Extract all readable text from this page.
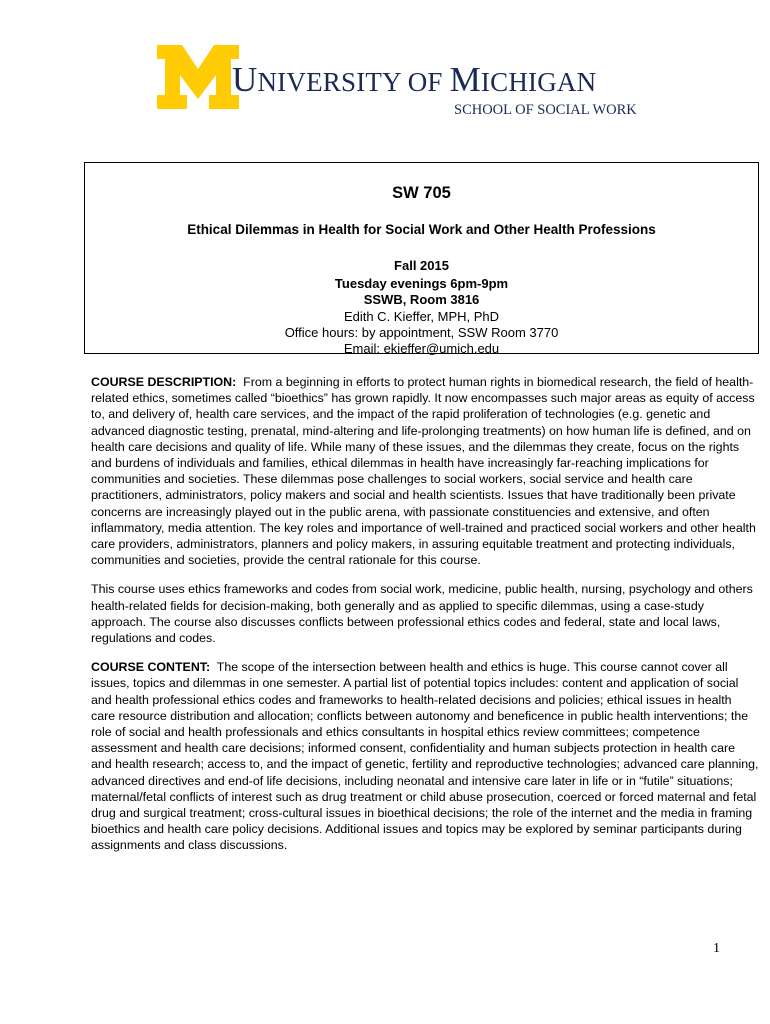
UNIVERSITY OF MICHIGAN
SCHOOL OF SOCIAL WORK
SW 705
Ethical Dilemmas in Health for Social Work and Other Health Professions
Fall 2015
Tuesday evenings 6pm-9pm
SSWB, Room 3816
Edith C. Kieffer, MPH, PhD
Office hours: by appointment, SSW Room 3770
Email: ekieffer@umich.edu

COURSE DESCRIPTION: From a beginning in efforts to protect human rights in biomedical research, the field of health-related ethics, sometimes called “bioethics” has grown rapidly. It now encompasses such major areas as equity of access to, and delivery of, health care services, and the impact of the rapid proliferation of technologies (e.g. genetic and advanced diagnostic testing, prenatal, mind-altering and life-prolonging treatments) on how human life is defined, and on health care decisions and quality of life. While many of these issues, and the dilemmas they create, focus on the rights and burdens of individuals and families, ethical dilemmas in health have increasingly far-reaching implications for communities and societies. These dilemmas pose challenges to social workers, social service and health care practitioners, administrators, policy makers and social and health scientists. Issues that have traditionally been private concerns are increasingly played out in the public arena, with passionate constituencies and extensive, and often inflammatory, media attention. The key roles and importance of well-trained and practiced social workers and other health care providers, administrators, planners and policy makers, in assuring equitable treatment and protecting individuals, communities and societies, provide the central rationale for this course.

This course uses ethics frameworks and codes from social work, medicine, public health, nursing, psychology and others health-related fields for decision-making, both generally and as applied to specific dilemmas, using a case-study approach. The course also discusses conflicts between professional ethics codes and federal, state and local laws, regulations and codes.

COURSE CONTENT: The scope of the intersection between health and ethics is huge. This course cannot cover all issues, topics and dilemmas in one semester. A partial list of potential topics includes: content and application of social and health professional ethics codes and frameworks to health-related decisions and policies; ethical issues in health care resource distribution and allocation; conflicts between autonomy and beneficence in public health interventions; the role of social and health professionals and ethics consultants in hospital ethics review committees; competence assessment and health care decisions; informed consent, confidentiality and human subjects protection in health care and health research; access to, and the impact of genetic, fertility and reproductive technologies; advanced care planning, advanced directives and end-of life decisions, including neonatal and intensive care later in life or in “futile” situations; maternal/fetal conflicts of interest such as drug treatment or child abuse prosecution, coerced or forced maternal and fetal drug and surgical treatment; cross-cultural issues in bioethical decisions; the role of the internet and the media in framing bioethics and health care policy decisions. Additional issues and topics may be explored by seminar participants during assignments and class discussions.

1
